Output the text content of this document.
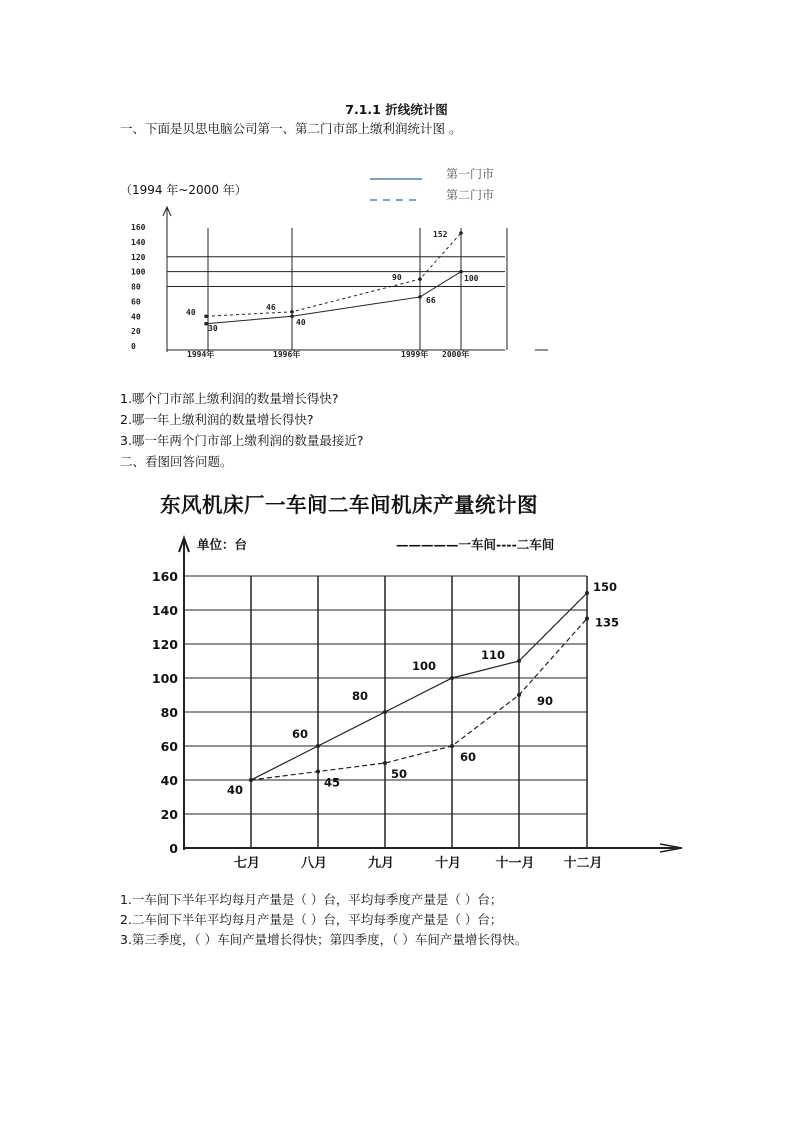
7.1.1 折线统计图
一、下面是贝思电脑公司第一、第二门市部上缴利润统计图 。
0
20
40
60
80
100
120
140
160
1994年	1996年	1999年 2000年
30
40
66
100
40
46
90
152
（1994 年~2000 年）
第一门市
第二门市
1.哪个门市部上缴利润的数量增长得快?
2.哪一年上缴利润的数量增长得快?
3.哪一年两个门市部上缴利润的数量最接近?
二、看图回答问题。
0
20
40
60
80
100
120
140
160
七月	八月	九月	十月	十一月 十二月
40
60
80
100
110
150
45
50
60
90
135
东风机床厂一车间二车间机床产量统计图
单位：台	—————一车间----二车间
1.一车间下半年平均每月产量是（ ）台，平均每季度产量是（ ）台；
2.二车间下半年平均每月产量是（ ）台，平均每季度产量是（ ）台；
3.第三季度，（ ）车间产量增长得快；第四季度，（ ）车间产量增长得快。
